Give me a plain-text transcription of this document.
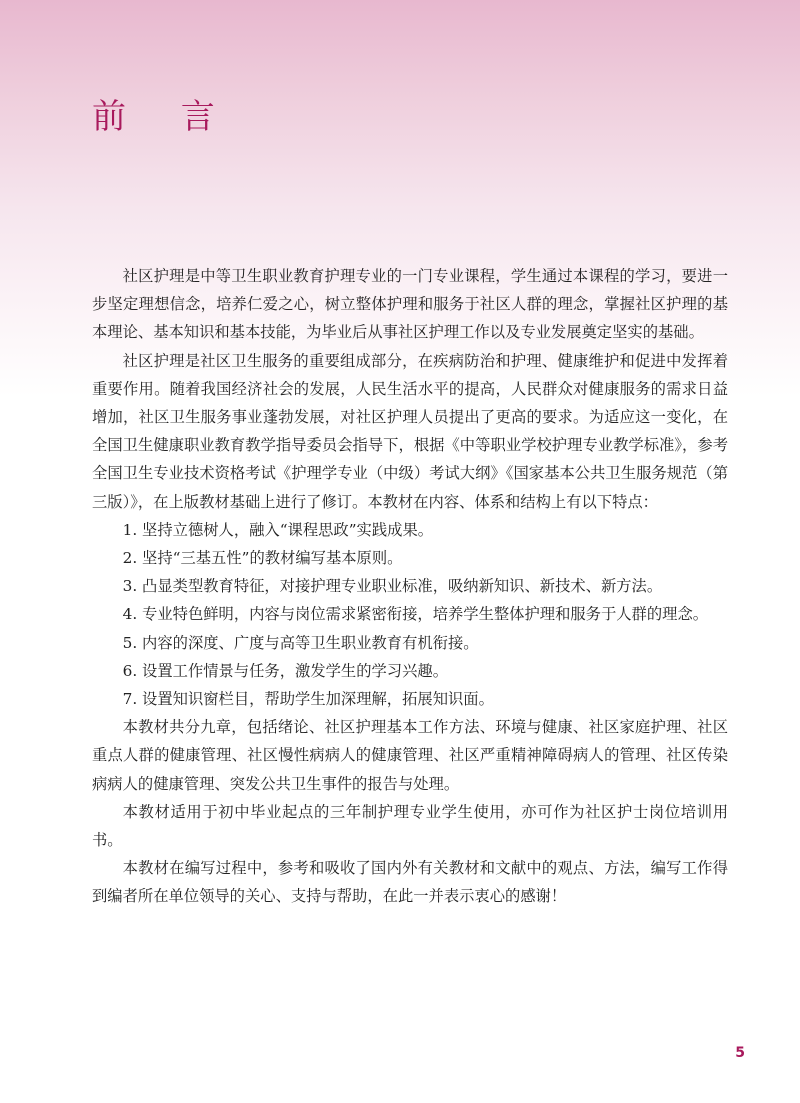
前 言

社区护理是中等卫生职业教育护理专业的一门专业课程，学生通过本课程的学习，要进一步坚定理想信念，培养仁爱之心，树立整体护理和服务于社区人群的理念，掌握社区护理的基本理论、基本知识和基本技能，为毕业后从事社区护理工作以及专业发展奠定坚实的基础。

社区护理是社区卫生服务的重要组成部分，在疾病防治和护理、健康维护和促进中发挥着重要作用。随着我国经济社会的发展，人民生活水平的提高，人民群众对健康服务的需求日益增加，社区卫生服务事业蓬勃发展，对社区护理人员提出了更高的要求。为适应这一变化，在全国卫生健康职业教育教学指导委员会指导下，根据《中等职业学校护理专业教学标准》，参考全国卫生专业技术资格考试《护理学专业（中级）考试大纲》《国家基本公共卫生服务规范（第三版）》，在上版教材基础上进行了修订。本教材在内容、体系和结构上有以下特点：

1. 坚持立德树人，融入“课程思政”实践成果。

2. 坚持“三基五性”的教材编写基本原则。

3. 凸显类型教育特征，对接护理专业职业标准，吸纳新知识、新技术、新方法。

4. 专业特色鲜明，内容与岗位需求紧密衔接，培养学生整体护理和服务于人群的理念。

5. 内容的深度、广度与高等卫生职业教育有机衔接。

6. 设置工作情景与任务，激发学生的学习兴趣。

7. 设置知识窗栏目，帮助学生加深理解，拓展知识面。

本教材共分九章，包括绪论、社区护理基本工作方法、环境与健康、社区家庭护理、社区重点人群的健康管理、社区慢性病病人的健康管理、社区严重精神障碍病人的管理、社区传染病病人的健康管理、突发公共卫生事件的报告与处理。

本教材适用于初中毕业起点的三年制护理专业学生使用，亦可作为社区护士岗位培训用书。

本教材在编写过程中，参考和吸收了国内外有关教材和文献中的观点、方法，编写工作得到编者所在单位领导的关心、支持与帮助，在此一并表示衷心的感谢！

5
